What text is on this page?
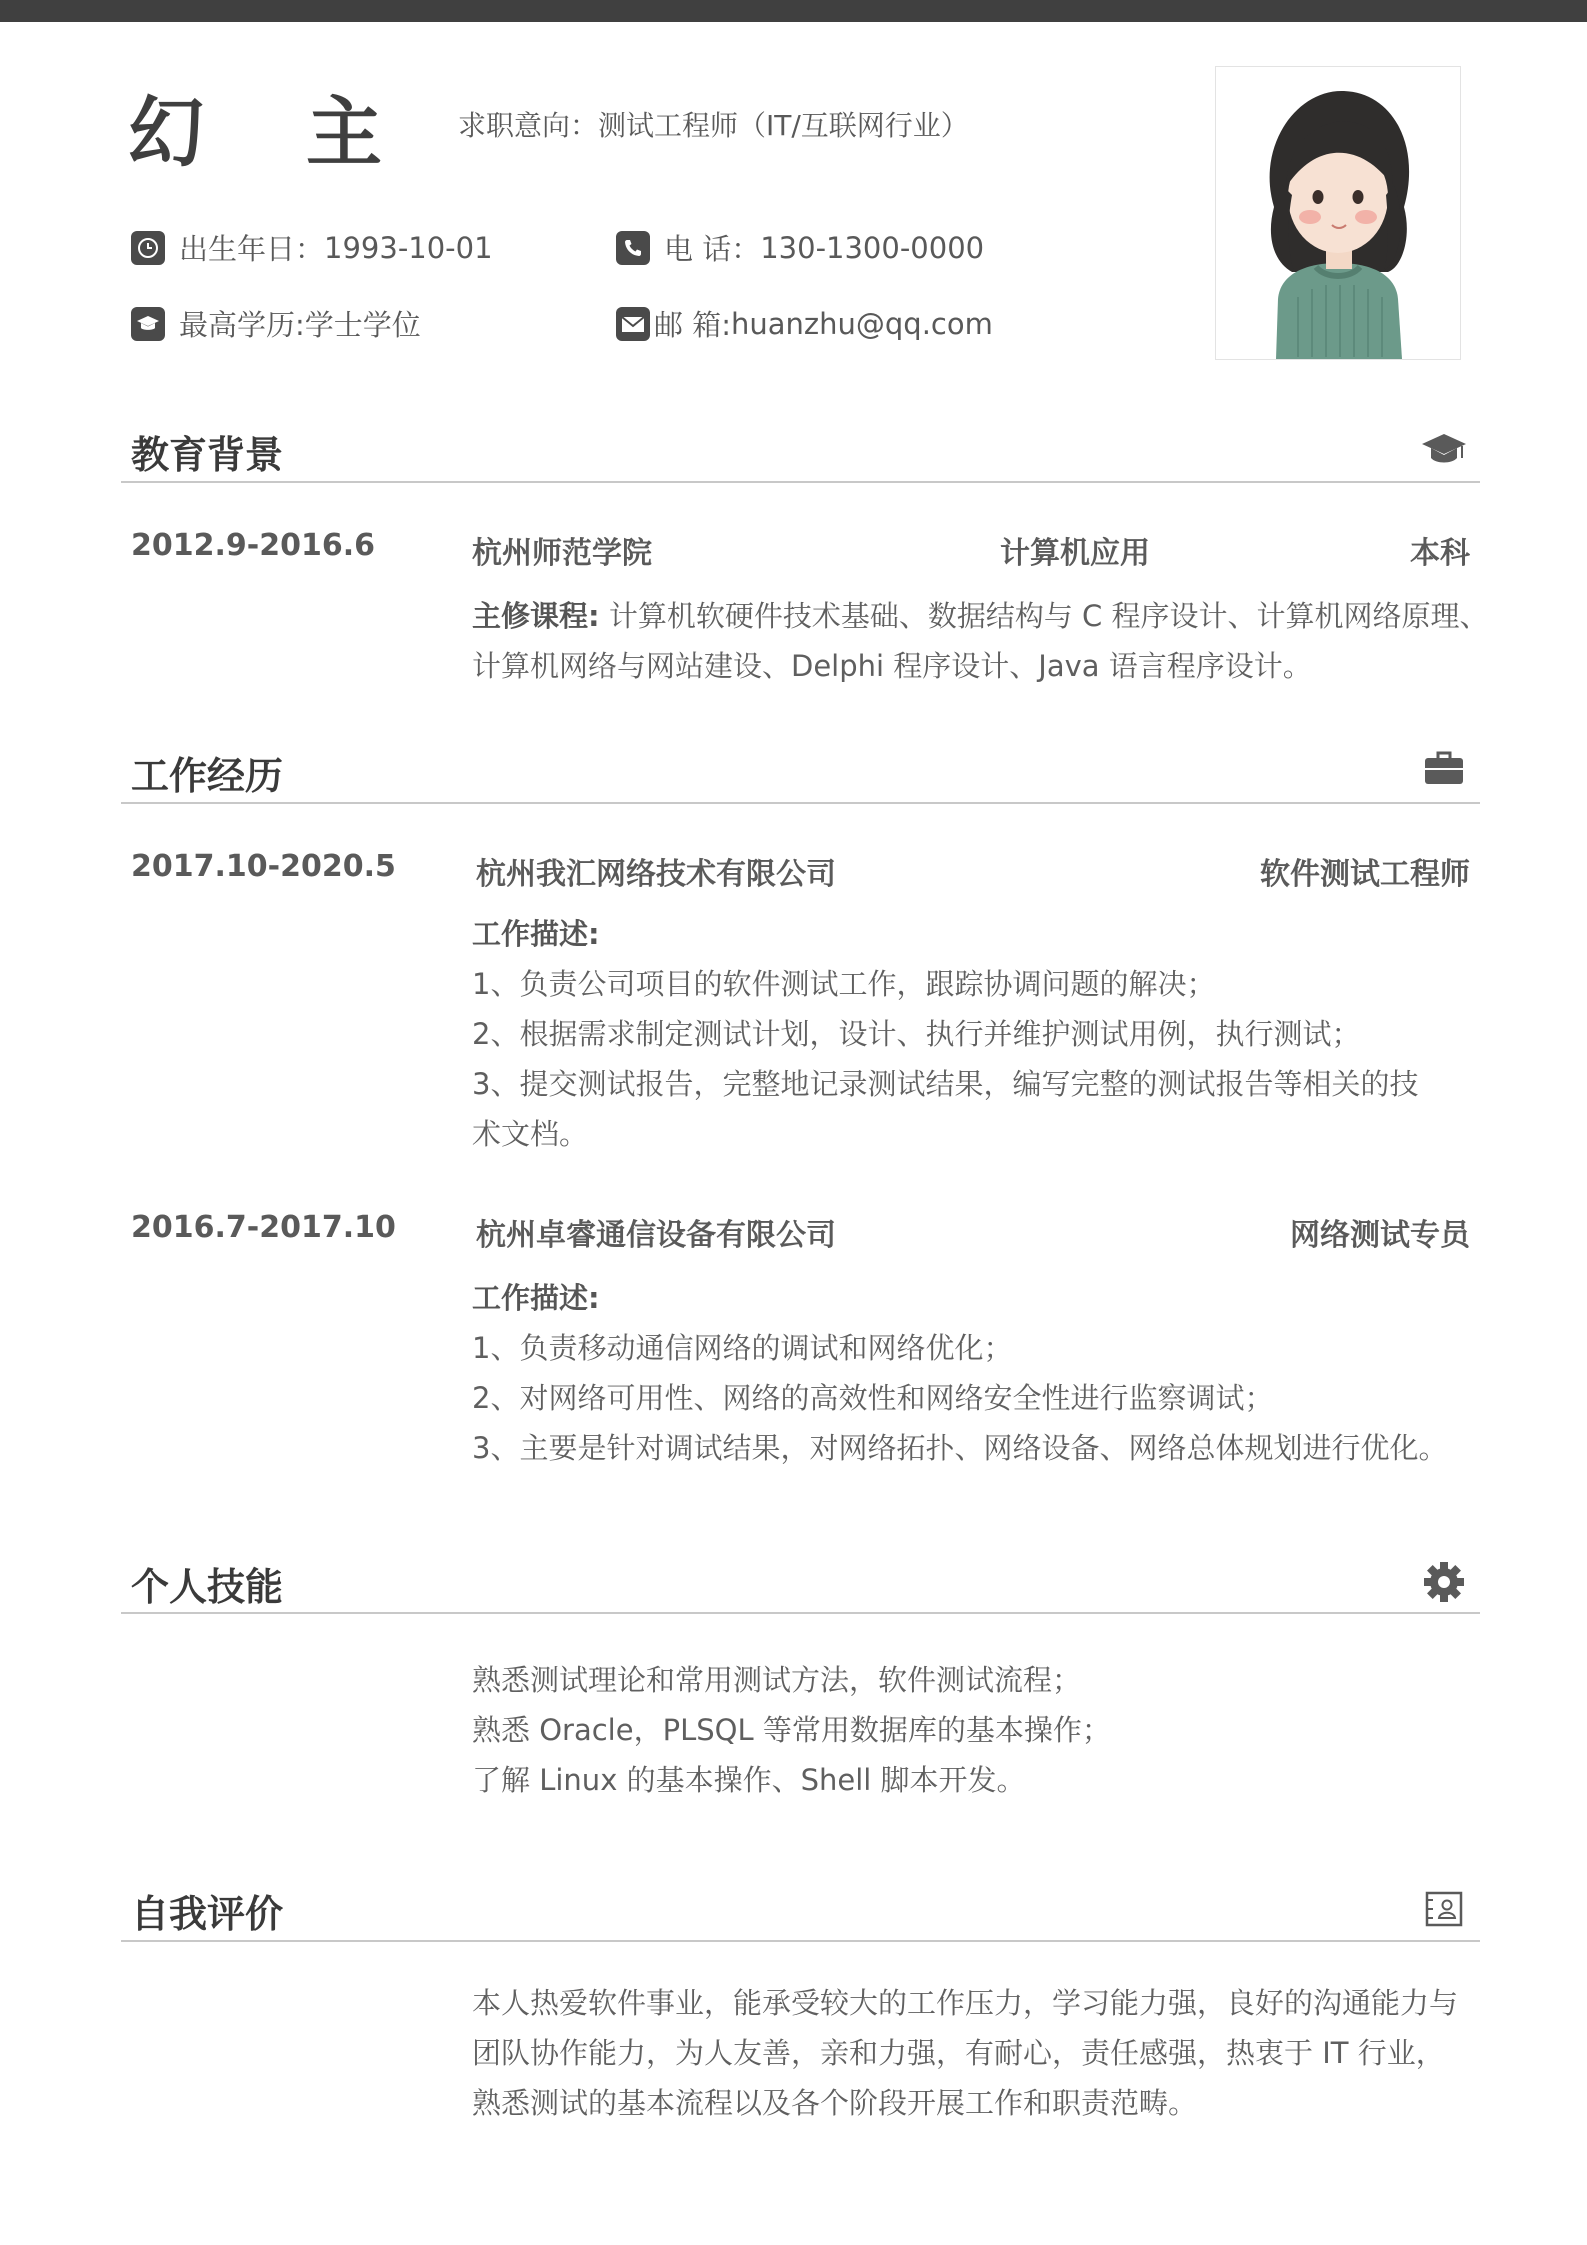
幻 主	求职意向：测试工程师（IT/互联网行业）
出生年日： 1993-10-01	电 话： 130-1300-0000
最高学历: 学士学位	邮 箱: huanzhu@qq.com
教育背景
2012.9-2016.6	杭州师范学院	计算机应用	本科

主修课程: 计算机软硬件技术基础、数据结构与 C 程序设计、计算机网络原理、

计算机网络与网站建设、Delphi 程序设计、Java 语言程序设计。

工作经历
2017.10-2020.5	杭州我汇网络技术有限公司	软件测试工程师

工作描述:

1、负责公司项目的软件测试工作，跟踪协调问题的解决；

2、根据需求制定测试计划，设计、执行并维护测试用例，执行测试；

3、提交测试报告，完整地记录测试结果，编写完整的测试报告等相关的技

术文档。

2016.7-2017.10	杭州卓睿通信设备有限公司	网络测试专员

工作描述:

1、负责移动通信网络的调试和网络优化；

2、对网络可用性、网络的高效性和网络安全性进行监察调试；

3、主要是针对调试结果，对网络拓扑、网络设备、网络总体规划进行优化。

个人技能

熟悉测试理论和常用测试方法，软件测试流程；

熟悉 Oracle，PLSQL 等常用数据库的基本操作；

了解 Linux 的基本操作、Shell 脚本开发。

自我评价

本人热爱软件事业，能承受较大的工作压力，学习能力强，良好的沟通能力与

团队协作能力，为人友善，亲和力强，有耐心，责任感强，热衷于 IT 行业，

熟悉测试的基本流程以及各个阶段开展工作和职责范畴。
